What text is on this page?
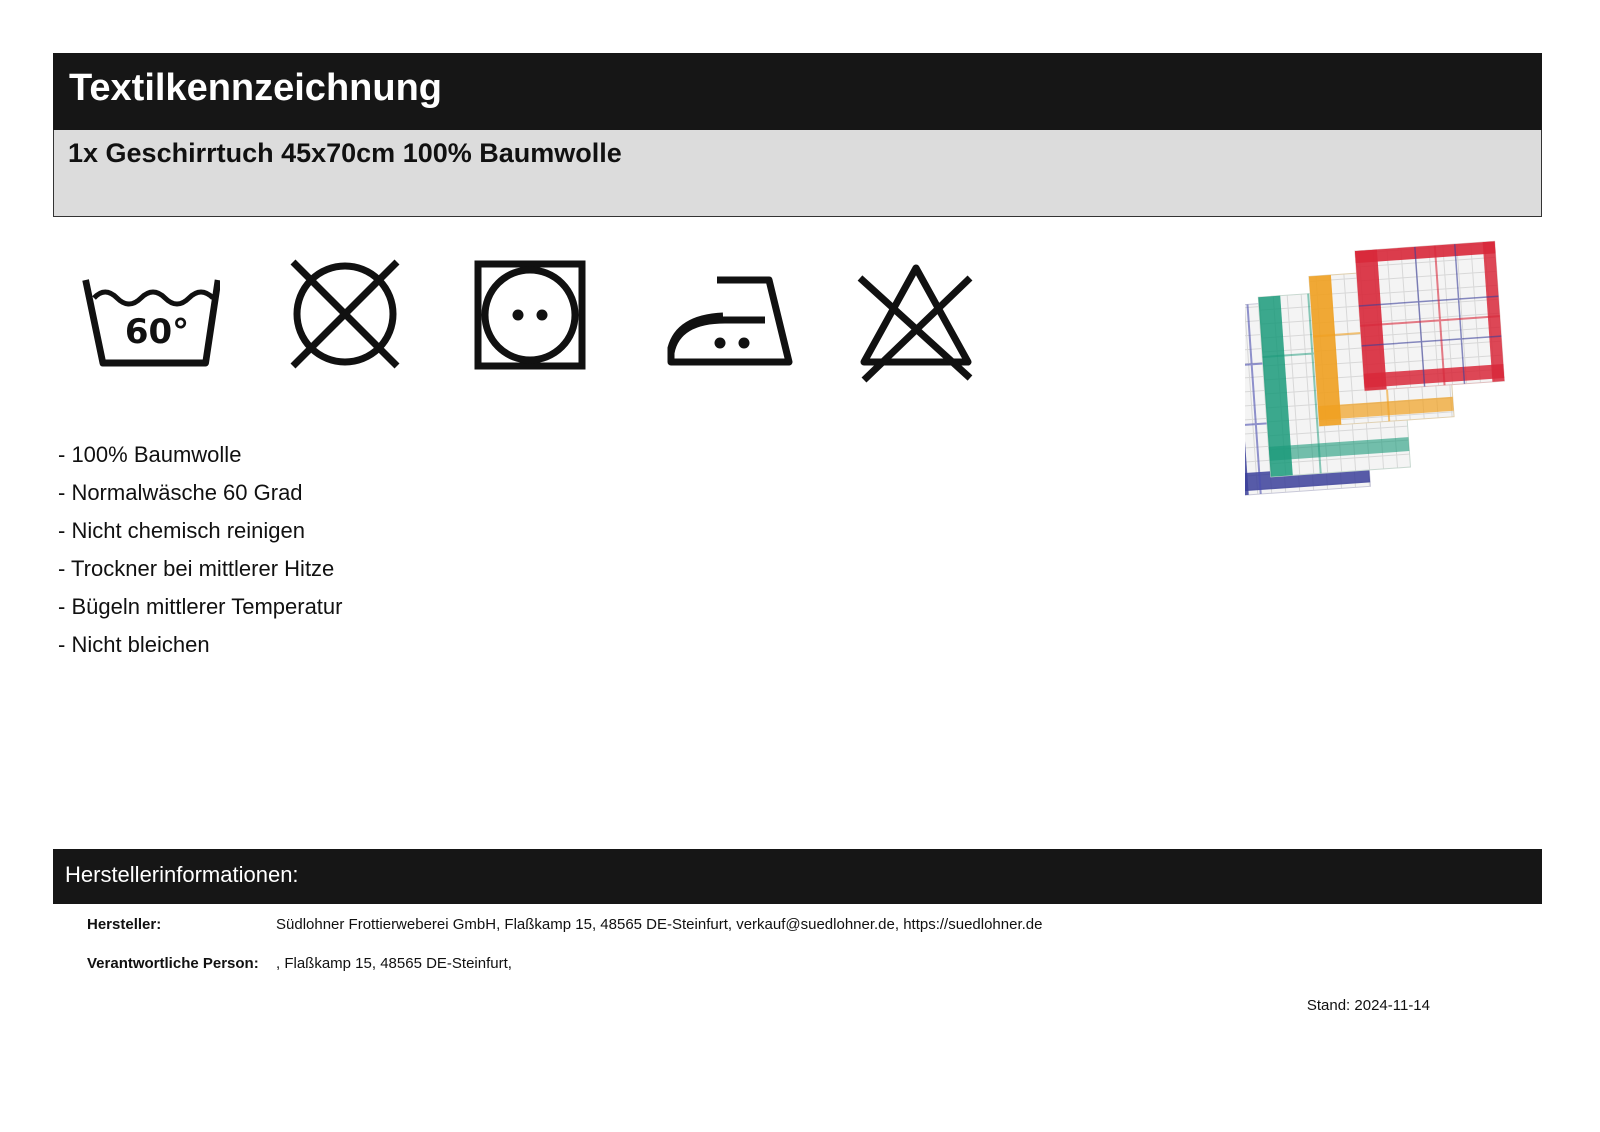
Textilkennzeichnung
1x Geschirrtuch 45x70cm 100% Baumwolle
60°
- 100% Baumwolle
- Normalwäsche 60 Grad
- Nicht chemisch reinigen
- Trockner bei mittlerer Hitze
- Bügeln mittlerer Temperatur
- Nicht bleichen
Herstellerinformationen:
Hersteller:	Südlohner Frottierweberei GmbH, Flaßkamp 15, 48565 DE-Steinfurt, verkauf@suedlohner.de, https://suedlohner.de
Verantwortliche Person: , Flaßkamp 15, 48565 DE-Steinfurt,
Stand: 2024-11-14
